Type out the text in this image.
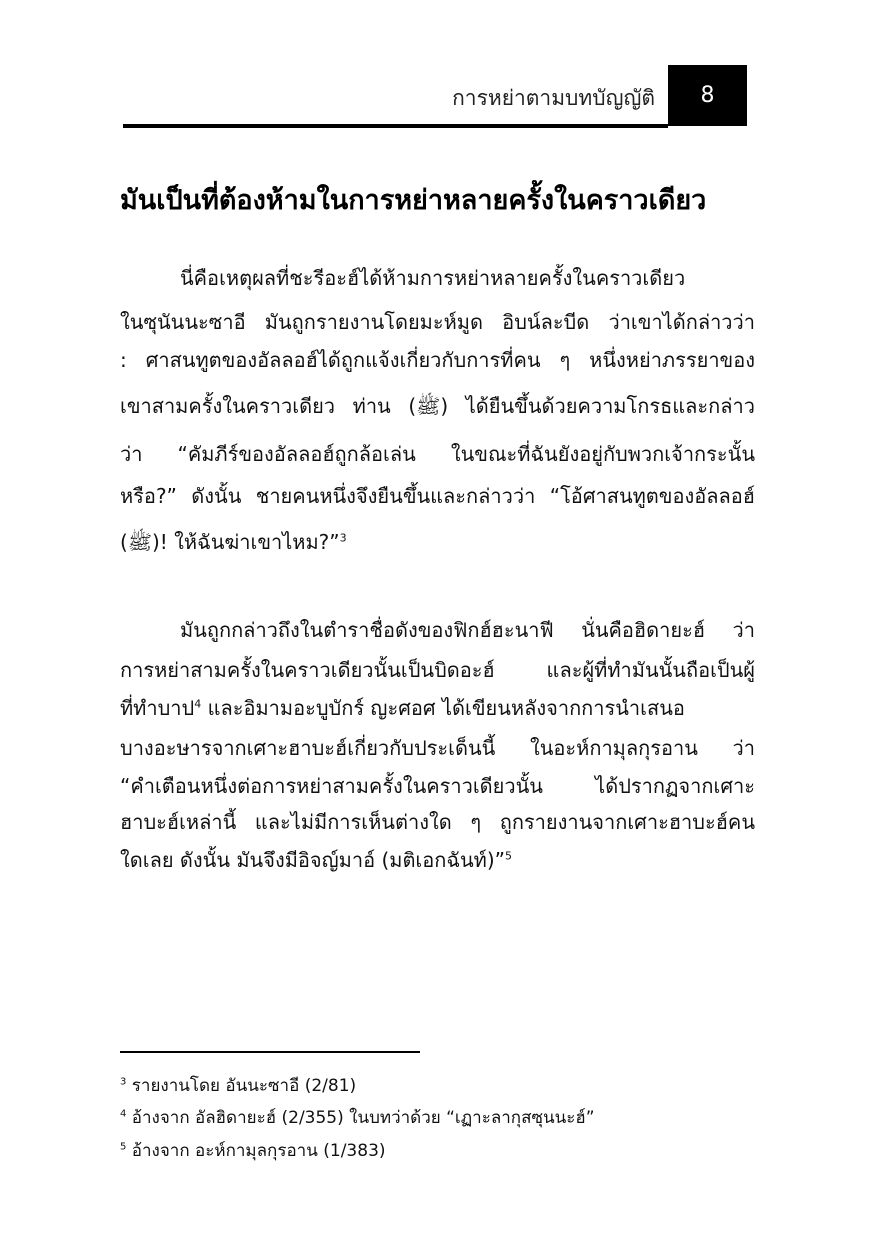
การหย่าตามบทบัญญัติ 8
มันเป็นที่ต้องห้ามในการหย่าหลายครั้งในคราวเดียว
นี่คือเหตุผลที่ชะรีอะฮ์ได้ห้ามการหย่าหลายครั้งในคราวเดียว
ในซุนันนะซาอี มันถูกรายงานโดยมะห์มูด อิบน์ละบีด ว่าเขาได้กล่าวว่า
: ศาสนทูตของอัลลอฮ์ได้ถูกแจ้งเกี่ยวกับการที่คน ๆ หนึ่งหย่าภรรยาของ
เขาสามครั้งในคราวเดียว ท่าน (ﷺ) ได้ยืนขึ้นด้วยความโกรธและกล่าว
ว่า “คัมภีร์ของอัลลอฮ์ถูกล้อเล่น ในขณะที่ฉันยังอยู่กับพวกเจ้ากระนั้น
หรือ?” ดังนั้น ชายคนหนึ่งจึงยืนขึ้นและกล่าวว่า “โอ้ศาสนทูตของอัลลอฮ์
(ﷺ)! ให้ฉันฆ่าเขาไหม?”$^3$
มันถูกกล่าวถึงในตำราชื่อดังของฟิกฮ์ฮะนาฟี นั่นคือฮิดายะฮ์ ว่า
การหย่าสามครั้งในคราวเดียวนั้นเป็นบิดอะฮ์ และผู้ที่ทำมันนั้นถือเป็นผู้
ที่ทำบาป$^4$ และอิมามอะบูบักร์ ญะศอศ ได้เขียนหลังจากการนำเสนอ
บางอะษารจากเศาะฮาบะฮ์เกี่ยวกับประเด็นนี้ ในอะห์กามุลกุรอาน ว่า
“คำเตือนหนึ่งต่อการหย่าสามครั้งในคราวเดียวนั้น ได้ปรากฏจากเศาะ
ฮาบะฮ์เหล่านี้ และไม่มีการเห็นต่างใด ๆ ถูกรายงานจากเศาะฮาบะฮ์คน
ใดเลย ดังนั้น มันจึงมีอิจญ์มาอ์ (มติเอกฉันท์)”$^5$
$^3$ รายงานโดย อันนะซาอี (2/81)
$^4$ อ้างจาก อัลฮิดายะฮ์ (2/355) ในบทว่าด้วย “เฏาะลากุสซุนนะฮ์”
$^5$ อ้างจาก อะห์กามุลกุรอาน (1/383)
